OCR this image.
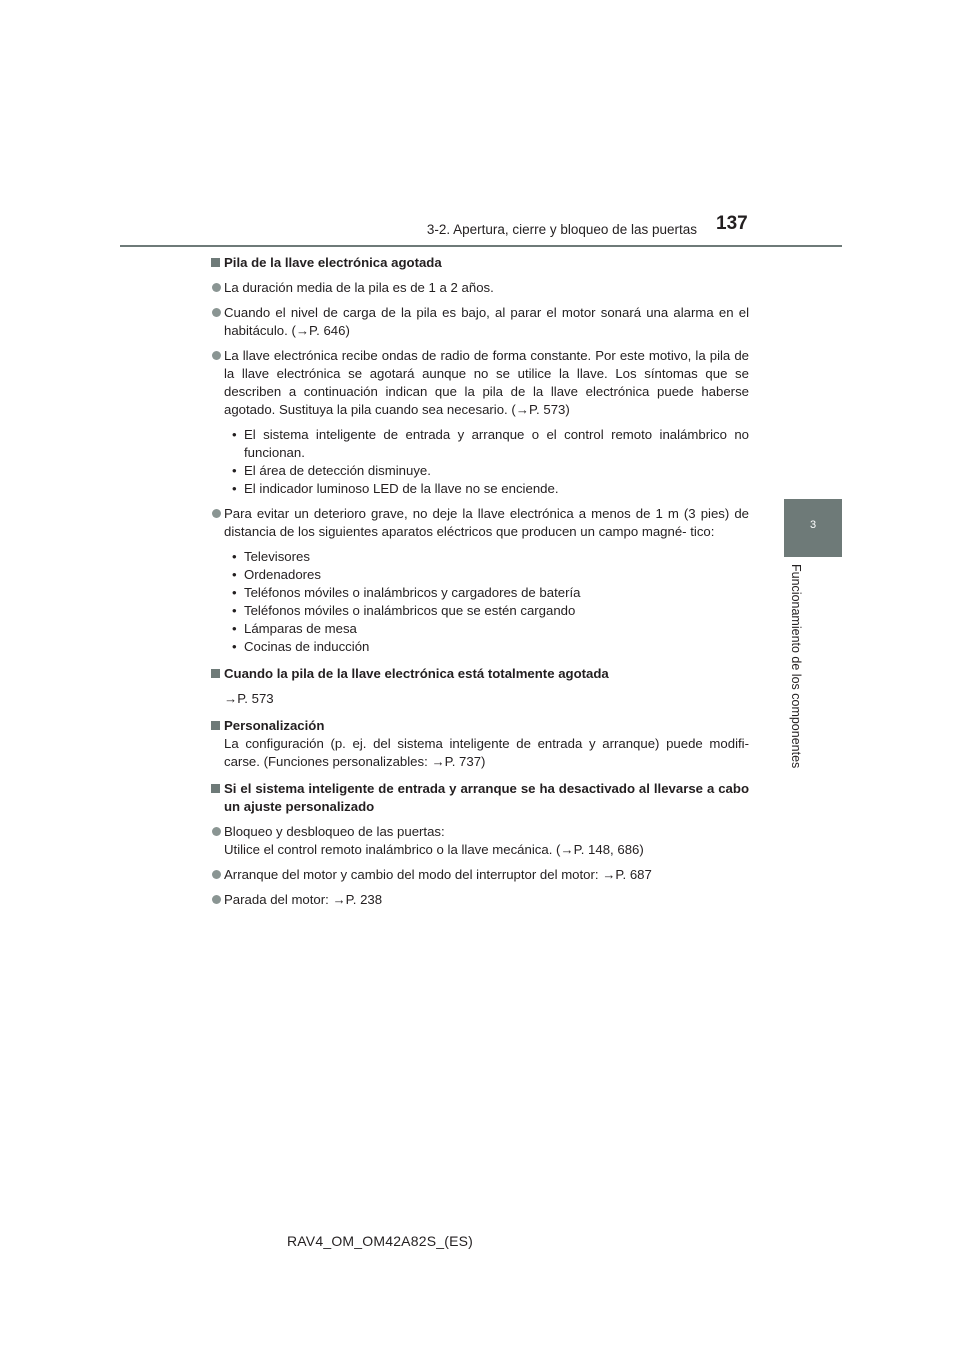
3-2. Apertura, cierre y bloqueo de las puertas 137
3
Funcionamiento de los componentes
Pila de la llave electrónica agotada
La duración media de la pila es de 1 a 2 años.
Cuando el nivel de carga de la pila es bajo, al parar el motor sonará una alarma en el habitáculo. (→P. 646)
La llave electrónica recibe ondas de radio de forma constante. Por este motivo, la pila de la llave electrónica se agotará aunque no se utilice la llave. Los síntomas que se describen a continuación indican que la pila de la llave electrónica puede haberse agotado. Sustituya la pila cuando sea necesario. (→P. 573)
• El sistema inteligente de entrada y arranque o el control remoto inalámbrico no funcionan.
• El área de detección disminuye.
• El indicador luminoso LED de la llave no se enciende.
Para evitar un deterioro grave, no deje la llave electrónica a menos de 1 m (3 pies) de distancia de los siguientes aparatos eléctricos que producen un campo magné- tico:
• Televisores
• Ordenadores
• Teléfonos móviles o inalámbricos y cargadores de batería
• Teléfonos móviles o inalámbricos que se estén cargando
• Lámparas de mesa
• Cocinas de inducción
Cuando la pila de la llave electrónica está totalmente agotada
→P. 573
Personalización
La configuración (p. ej. del sistema inteligente de entrada y arranque) puede modifi- carse. (Funciones personalizables: →P. 737)
Si el sistema inteligente de entrada y arranque se ha desactivado al llevarse a cabo un ajuste personalizado
Bloqueo y desbloqueo de las puertas:
Utilice el control remoto inalámbrico o la llave mecánica. (→P. 148, 686)
Arranque del motor y cambio del modo del interruptor del motor: →P. 687
Parada del motor: →P. 238
RAV4_OM_OM42A82S_(ES)
